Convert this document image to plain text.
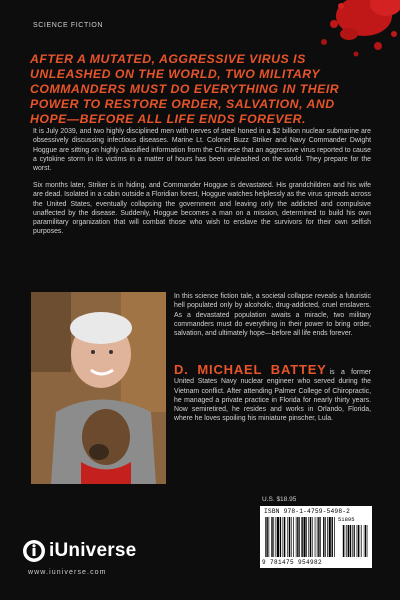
SCIENCE FICTION
AFTER A MUTATED, AGGRESSIVE VIRUS IS UNLEASHED ON THE WORLD, TWO MILITARY COMMANDERS MUST DO EVERYTHING IN THEIR POWER TO RESTORE ORDER, SALVATION, AND HOPE—BEFORE ALL LIFE ENDS FOREVER.
It is July 2039, and two highly disciplined men with nerves of steel honed in a $2 billion nuclear submarine are obsessively discussing infectious diseases. Marine Lt. Colonel Buzz Striker and Navy Commander Dwight Hoggue are sitting on highly classified information from the Chinese that an aggressive virus reported to cause a cytokine storm in its victims in a matter of hours has been unleashed on the world. They prepare for the worst.
Six months later, Striker is in hiding, and Commander Hoggue is devastated. His grandchildren and his wife are dead. Isolated in a cabin outside a Floridian forest, Hoggue watches helplessly as the virus spreads across the United States, eventually collapsing the government and leaving only the addicted and compulsive unaffected by the disease. Suddenly, Hoggue becomes a man on a mission, determined to build his own paramilitary organization that will combat those who wish to enslave the survivors for their own selfish purposes.
In this science fiction tale, a societal collapse reveals a futuristic hell populated only by alcoholic, drug-addicted, cruel enslavers. As a devastated population awaits a miracle, two military commanders must do everything in their power to bring order, salvation, and ultimately hope—before all life ends forever.
D. MICHAEL BATTEY is a former United States Navy nuclear engineer who served during the Vietnam conflict. After attending Palmer College of Chiropractic, he managed a private practice in Florida for nearly thirty years. Now semiretired, he resides and works in Orlando, Florida, where he loves spoiling his miniature pinscher, Lula.
U.S. $18.95
ISBN 978-1-4759-5498-2
51895
9 781475 954982
iUniverse
www.iuniverse.com
